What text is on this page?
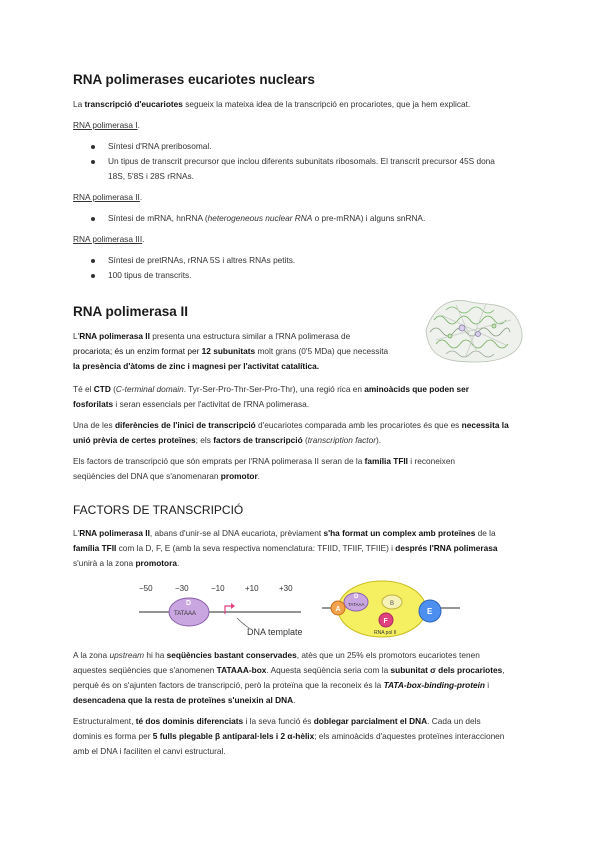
RNA polimerases eucariotes nuclears
La transcripció d'eucariotes segueix la mateixa idea de la transcripció en procariotes, que ja hem explicat.
RNA polimerasa I.
Síntesi d'RNA preribosomal.
Un tipus de transcrit precursor que inclou diferents subunitats ribosomals. El transcrit precursor 45S dona
18S, 5'8S i 28S rRNAs.
RNA polimerasa II.
Síntesi de mRNA, hnRNA (heterogeneous nuclear RNA o pre-mRNA) i alguns snRNA.
RNA polimerasa III.
Síntesi de pretRNAs, rRNA 5S i altres RNAs petits.
100 tipus de transcrits.
RNA polimerasa II
L'RNA polimerasa II presenta una estructura similar a l'RNA polimerasa de
procariota; és un enzim format per 12 subunitats molt grans (0'5 MDa) que necessita
la presència d'àtoms de zinc i magnesi per l'activitat catalítica.
Té el CTD (C-terminal domain. Tyr-Ser-Pro-Thr-Ser-Pro-Thr), una regió rica en aminoàcids que poden ser
fosforilats i seran essencials per l'activitat de l'RNA polimerasa.
Una de les diferències de l'inici de transcripció d'eucariotes comparada amb les procariotes és que es necessita la
unió prèvia de certes proteïnes; els factors de transcripció (transcription factor).
Els factors de transcripció que són emprats per l'RNA polimerasa II seran de la família TFII i reconeixen
seqüències del DNA que s'anomenaran promotor.
FACTORS DE TRANSCRIPCIÓ
L'RNA polimerasa II, abans d'unir-se al DNA eucariota, prèviament s'ha format un complex amb proteïnes de la
família TFII com la D, F, E (amb la seva respectiva nomenclatura: TFIID, TFIIF, TFIIE) i després l'RNA polimerasa
s'unirà a la zona promotora.
−50	−30	−10	+10	+30
D
TATAAA
DNA template
D
TATAAA
A
B
F
RNA pol II
E
A la zona upstream hi ha seqüències bastant conservades, atès que un 25% els promotors eucariotes tenen
aquestes seqüències que s'anomenen TATAAA-box. Aquesta seqüència seria com la subunitat σ dels procariotes,
perquè és on s'ajunten factors de transcripció, però la proteïna que la reconeix és la TATA-box-binding-protein i
desencadena que la resta de proteïnes s'uneixin al DNA.
Estructuralment, té dos dominis diferenciats i la seva funció és doblegar parcialment el DNA. Cada un dels
dominis es forma per 5 fulls plegable β antiparal·lels i 2 α-hèlix; els aminoàcids d'aquestes proteïnes interaccionen
amb el DNA i faciliten el canvi estructural.
